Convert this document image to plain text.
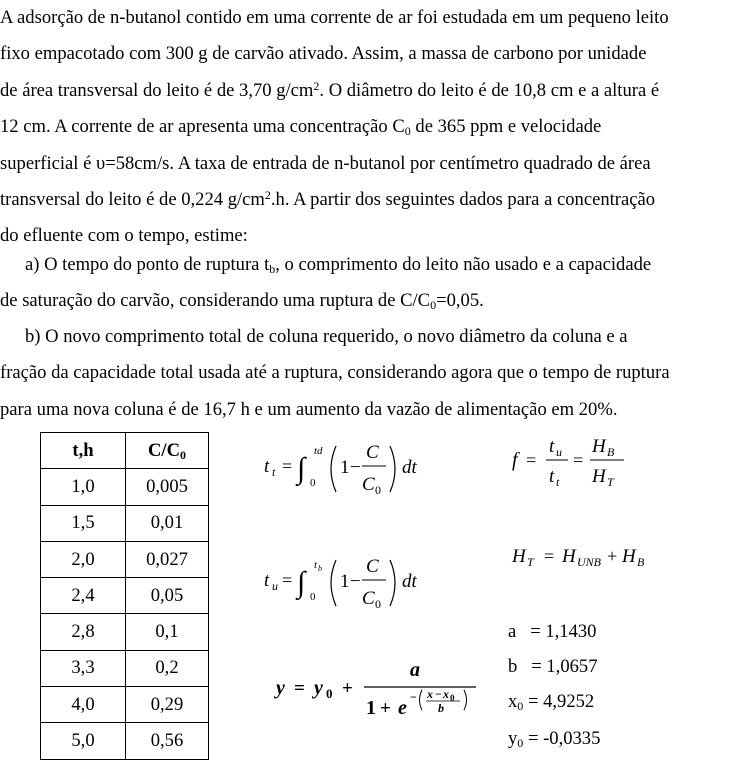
A adsorção de n-butanol contido em uma corrente de ar foi estudada em um pequeno leito
fixo empacotado com 300 g de carvão ativado. Assim, a massa de carbono por unidade
de área transversal do leito é de 3,70 $g/cm^2$. O diâmetro do leito é de 10,8 cm e a altura é
12 cm. A corrente de ar apresenta uma concentração $C_0$ de 365 ppm e velocidade
superficial é υ=58cm/s. A taxa de entrada de n-butanol por centímetro quadrado de área
transversal do leito é de 0,224 $g/cm^2.h$. A partir dos seguintes dados para a concentração
do efluente com o tempo, estime:

a) O tempo do ponto de ruptura $t_b$, o comprimento do leito não usado e a capacidade
de saturação do carvão, considerando uma ruptura de $C/C_0=0,05$.

b) O novo comprimento total de coluna requerido, o novo diâmetro da coluna e a
fração da capacidade total usada até a ruptura, considerando agora que o tempo de ruptura
para uma nova coluna é de 16,7 h e um aumento da vazão de alimentação em 20%.

t,h	$C/C_0$
1,0	0,005
1,5	0,01
2,0	0,027
2,4	0,05
2,8	0,1
3,3	0,2
4,0	0,29
5,0	0,56
t t = ∫
td
0
1 −
C
C 0
dt
t u = ∫
t b
0
1 −
C
C 0
dt
f =
t u
t t
=
H B
H T
H T = H UNB + H B
y = y 0 +
a
1 + e − x − x 0
b
a   = 1,1430
b   = 1,0657
$x_0 = 4,9252$
$y_0 = -0,0335$
